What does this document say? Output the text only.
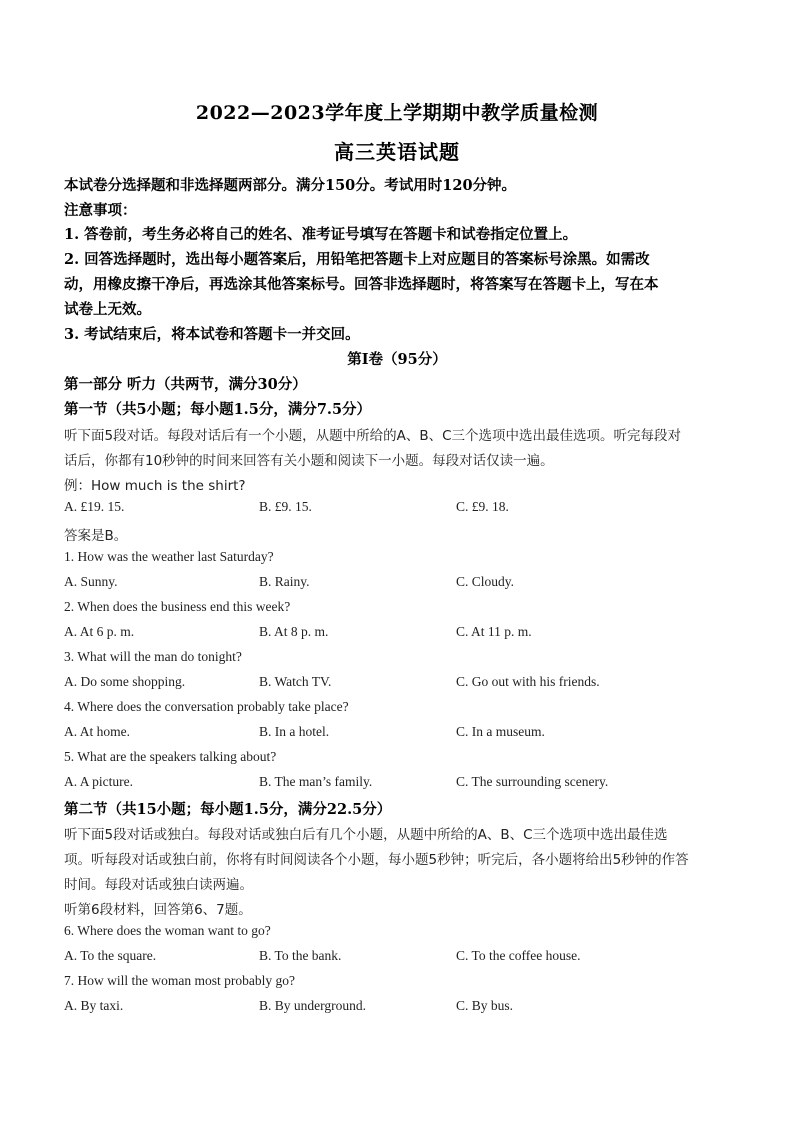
2022—2023学年度上学期期中教学质量检测
高三英语试题
本试卷分选择题和非选择题两部分。满分150分。考试用时120分钟。
注意事项：
1. 答卷前，考生务必将自己的姓名、准考证号填写在答题卡和试卷指定位置上。
2. 回答选择题时，选出每小题答案后，用铅笔把答题卡上对应题目的答案标号涂黑。如需改
动，用橡皮擦干净后，再选涂其他答案标号。回答非选择题时，将答案写在答题卡上，写在本
试卷上无效。
3. 考试结束后，将本试卷和答题卡一并交回。
第Ⅰ卷（95分）
第一部分 听力（共两节，满分30分）
第一节（共5小题；每小题1.5分，满分7.5分）
听下面5段对话。每段对话后有一个小题，从题中所给的A、B、C三个选项中选出最佳选项。听完每段对
话后，你都有10秒钟的时间来回答有关小题和阅读下一小题。每段对话仅读一遍。
例：How much is the shirt?
A. £19. 15.	B. £9. 15.	C. £9. 18.
答案是B。
1. How was the weather last Saturday?
A. Sunny.	B. Rainy.	C. Cloudy.
2. When does the business end this week?
A. At 6 p. m.	B. At 8 p. m.	C. At 11 p. m.
3. What will the man do tonight?
A. Do some shopping.	B. Watch TV.	C. Go out with his friends.
4. Where does the conversation probably take place?
A. At home.	B. In a hotel.	C. In a museum.
5. What are the speakers talking about?
A. A picture.	B. The man’s family.	C. The surrounding scenery.
第二节（共15小题；每小题1.5分，满分22.5分）
听下面5段对话或独白。每段对话或独白后有几个小题，从题中所给的A、B、C三个选项中选出最佳选
项。听每段对话或独白前，你将有时间阅读各个小题，每小题5秒钟；听完后，各小题将给出5秒钟的作答
时间。每段对话或独白读两遍。
听第6段材料，回答第6、7题。
6. Where does the woman want to go?
A. To the square.	B. To the bank.	C. To the coffee house.
7. How will the woman most probably go?
A. By taxi.	B. By underground.	C. By bus.
